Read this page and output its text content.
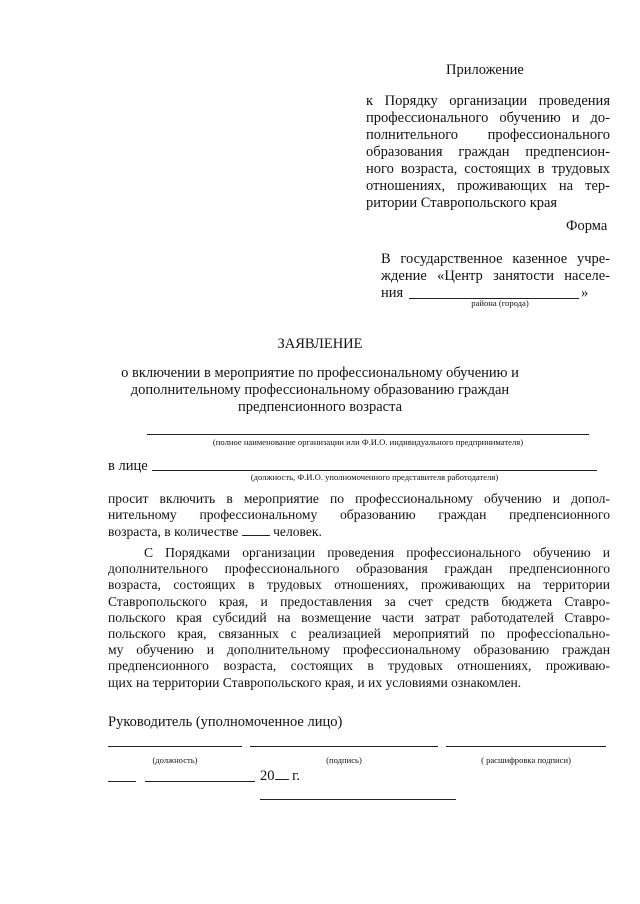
Приложение
к Порядку организации проведения
профессионального обучению и до-
полнительного профессионального
образования граждан предпенсион-
ного возраста, состоящих в трудовых
отношениях, проживающих на тер-
ритории Ставропольского края
Форма
В государственное казенное учре-
ждение «Центр занятости населе-
ния	»
района (города)
ЗАЯВЛЕНИЕ
о включении в мероприятие по профессиональному обучению и
дополнительному профессиональному образованию граждан
предпенсионного возраста
(полное наименование организации или Ф.И.О. индивидуального предпринимателя)
в лице
(должность, Ф.И.О. уполномоченного представителя работодателя)
просит включить в мероприятие по профессиональному обучению и допол-
нительному профессиональному образованию граждан предпенсионного
возраста, в количестве	человек.
С Порядками организации проведения профессионального обучению и
дополнительного профессионального образования граждан предпенсионного
возраста, состоящих в трудовых отношениях, проживающих на территории
Ставропольского края, и предоставления за счет средств бюджета Ставро-
польского края субсидий на возмещение части затрат работодателей Ставро-
польского края, связанных с реализацией мероприятий по профессionально-
му обучению и дополнительному профессиональному образованию граждан
предпенсионного возраста, состоящих в трудовых отношениях, проживаю-
щих на территории Ставропольского края, и их условиями ознакомлен.
Руководитель (уполномоченное лицо)
(должность)	(подпись)	( расшифровка подписи)
20 г.
